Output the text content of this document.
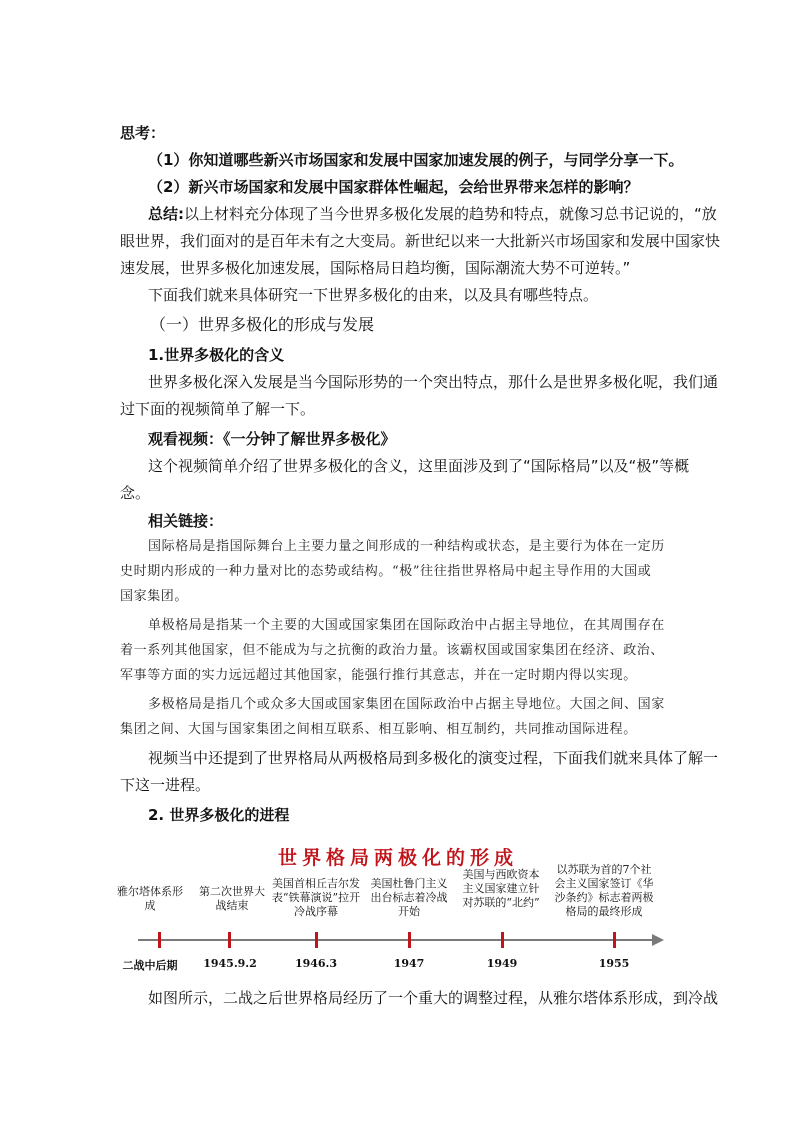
思考：
（1）你知道哪些新兴市场国家和发展中国家加速发展的例子，与同学分享一下。
（2）新兴市场国家和发展中国家群体性崛起，会给世界带来怎样的影响？
总结:以上材料充分体现了当今世界多极化发展的趋势和特点，就像习总书记说的，“放
眼世界，我们面对的是百年未有之大变局。新世纪以来一大批新兴市场国家和发展中国家快
速发展，世界多极化加速发展，国际格局日趋均衡，国际潮流大势不可逆转。”
下面我们就来具体研究一下世界多极化的由来，以及具有哪些特点。
（一）世界多极化的形成与发展
1.世界多极化的含义
世界多极化深入发展是当今国际形势的一个突出特点，那什么是世界多极化呢，我们通
过下面的视频简单了解一下。
观看视频：《一分钟了解世界多极化》
这个视频简单介绍了世界多极化的含义，这里面涉及到了“国际格局”以及“极”等概
念。
相关链接：
国际格局是指国际舞台上主要力量之间形成的一种结构或状态，是主要行为体在一定历
史时期内形成的一种力量对比的态势或结构。“极”往往指世界格局中起主导作用的大国或
国家集团。
单极格局是指某一个主要的大国或国家集团在国际政治中占据主导地位，在其周围存在
着一系列其他国家，但不能成为与之抗衡的政治力量。该霸权国或国家集团在经济、政治、
军事等方面的实力远远超过其他国家，能强行推行其意志，并在一定时期内得以实现。
多极格局是指几个或众多大国或国家集团在国际政治中占据主导地位。大国之间、国家
集团之间、大国与国家集团之间相互联系、相互影响、相互制约，共同推动国际进程。
视频当中还提到了世界格局从两极格局到多极化的演变过程，下面我们就来具体了解一
下这一进程。
2. 世界多极化的进程
世界格局两极化的形成
雅尔塔体系形成
二战中后期
第二次世界大战结束
1945.9.2
美国首相丘吉尔发表“铁幕演说”拉开冷战序幕
1946.3
美国杜鲁门主义出台标志着冷战开始
1947
美国与西欧资本主义国家建立针对苏联的“北约”
1949
以苏联为首的7个社会主义国家签订《华沙条约》标志着两极格局的最终形成
1955
如图所示，二战之后世界格局经历了一个重大的调整过程，从雅尔塔体系形成，到冷战
